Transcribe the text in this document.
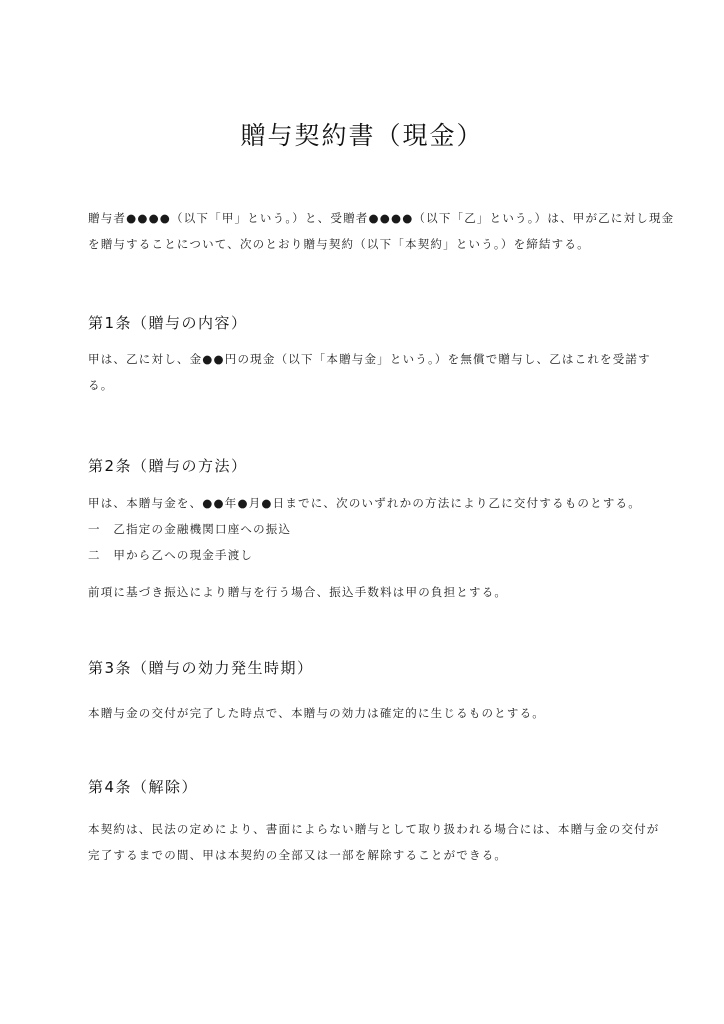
贈与契約書（現金）
贈与者●●●●（以下「甲」という。）と、受贈者●●●●（以下「乙」という。）は、甲が乙に対し現金
を贈与することについて、次のとおり贈与契約（以下「本契約」という。）を締結する。
第1条（贈与の内容）
甲は、乙に対し、金●●円の現金（以下「本贈与金」という。）を無償で贈与し、乙はこれを受諾す
る。
第2条（贈与の方法）
甲は、本贈与金を、●●年●月●日までに、次のいずれかの方法により乙に交付するものとする。
一　乙指定の金融機関口座への振込
二　甲から乙への現金手渡し
前項に基づき振込により贈与を行う場合、振込手数料は甲の負担とする。
第3条（贈与の効力発生時期）
本贈与金の交付が完了した時点で、本贈与の効力は確定的に生じるものとする。
第4条（解除）
本契約は、民法の定めにより、書面によらない贈与として取り扱われる場合には、本贈与金の交付が
完了するまでの間、甲は本契約の全部又は一部を解除することができる。
